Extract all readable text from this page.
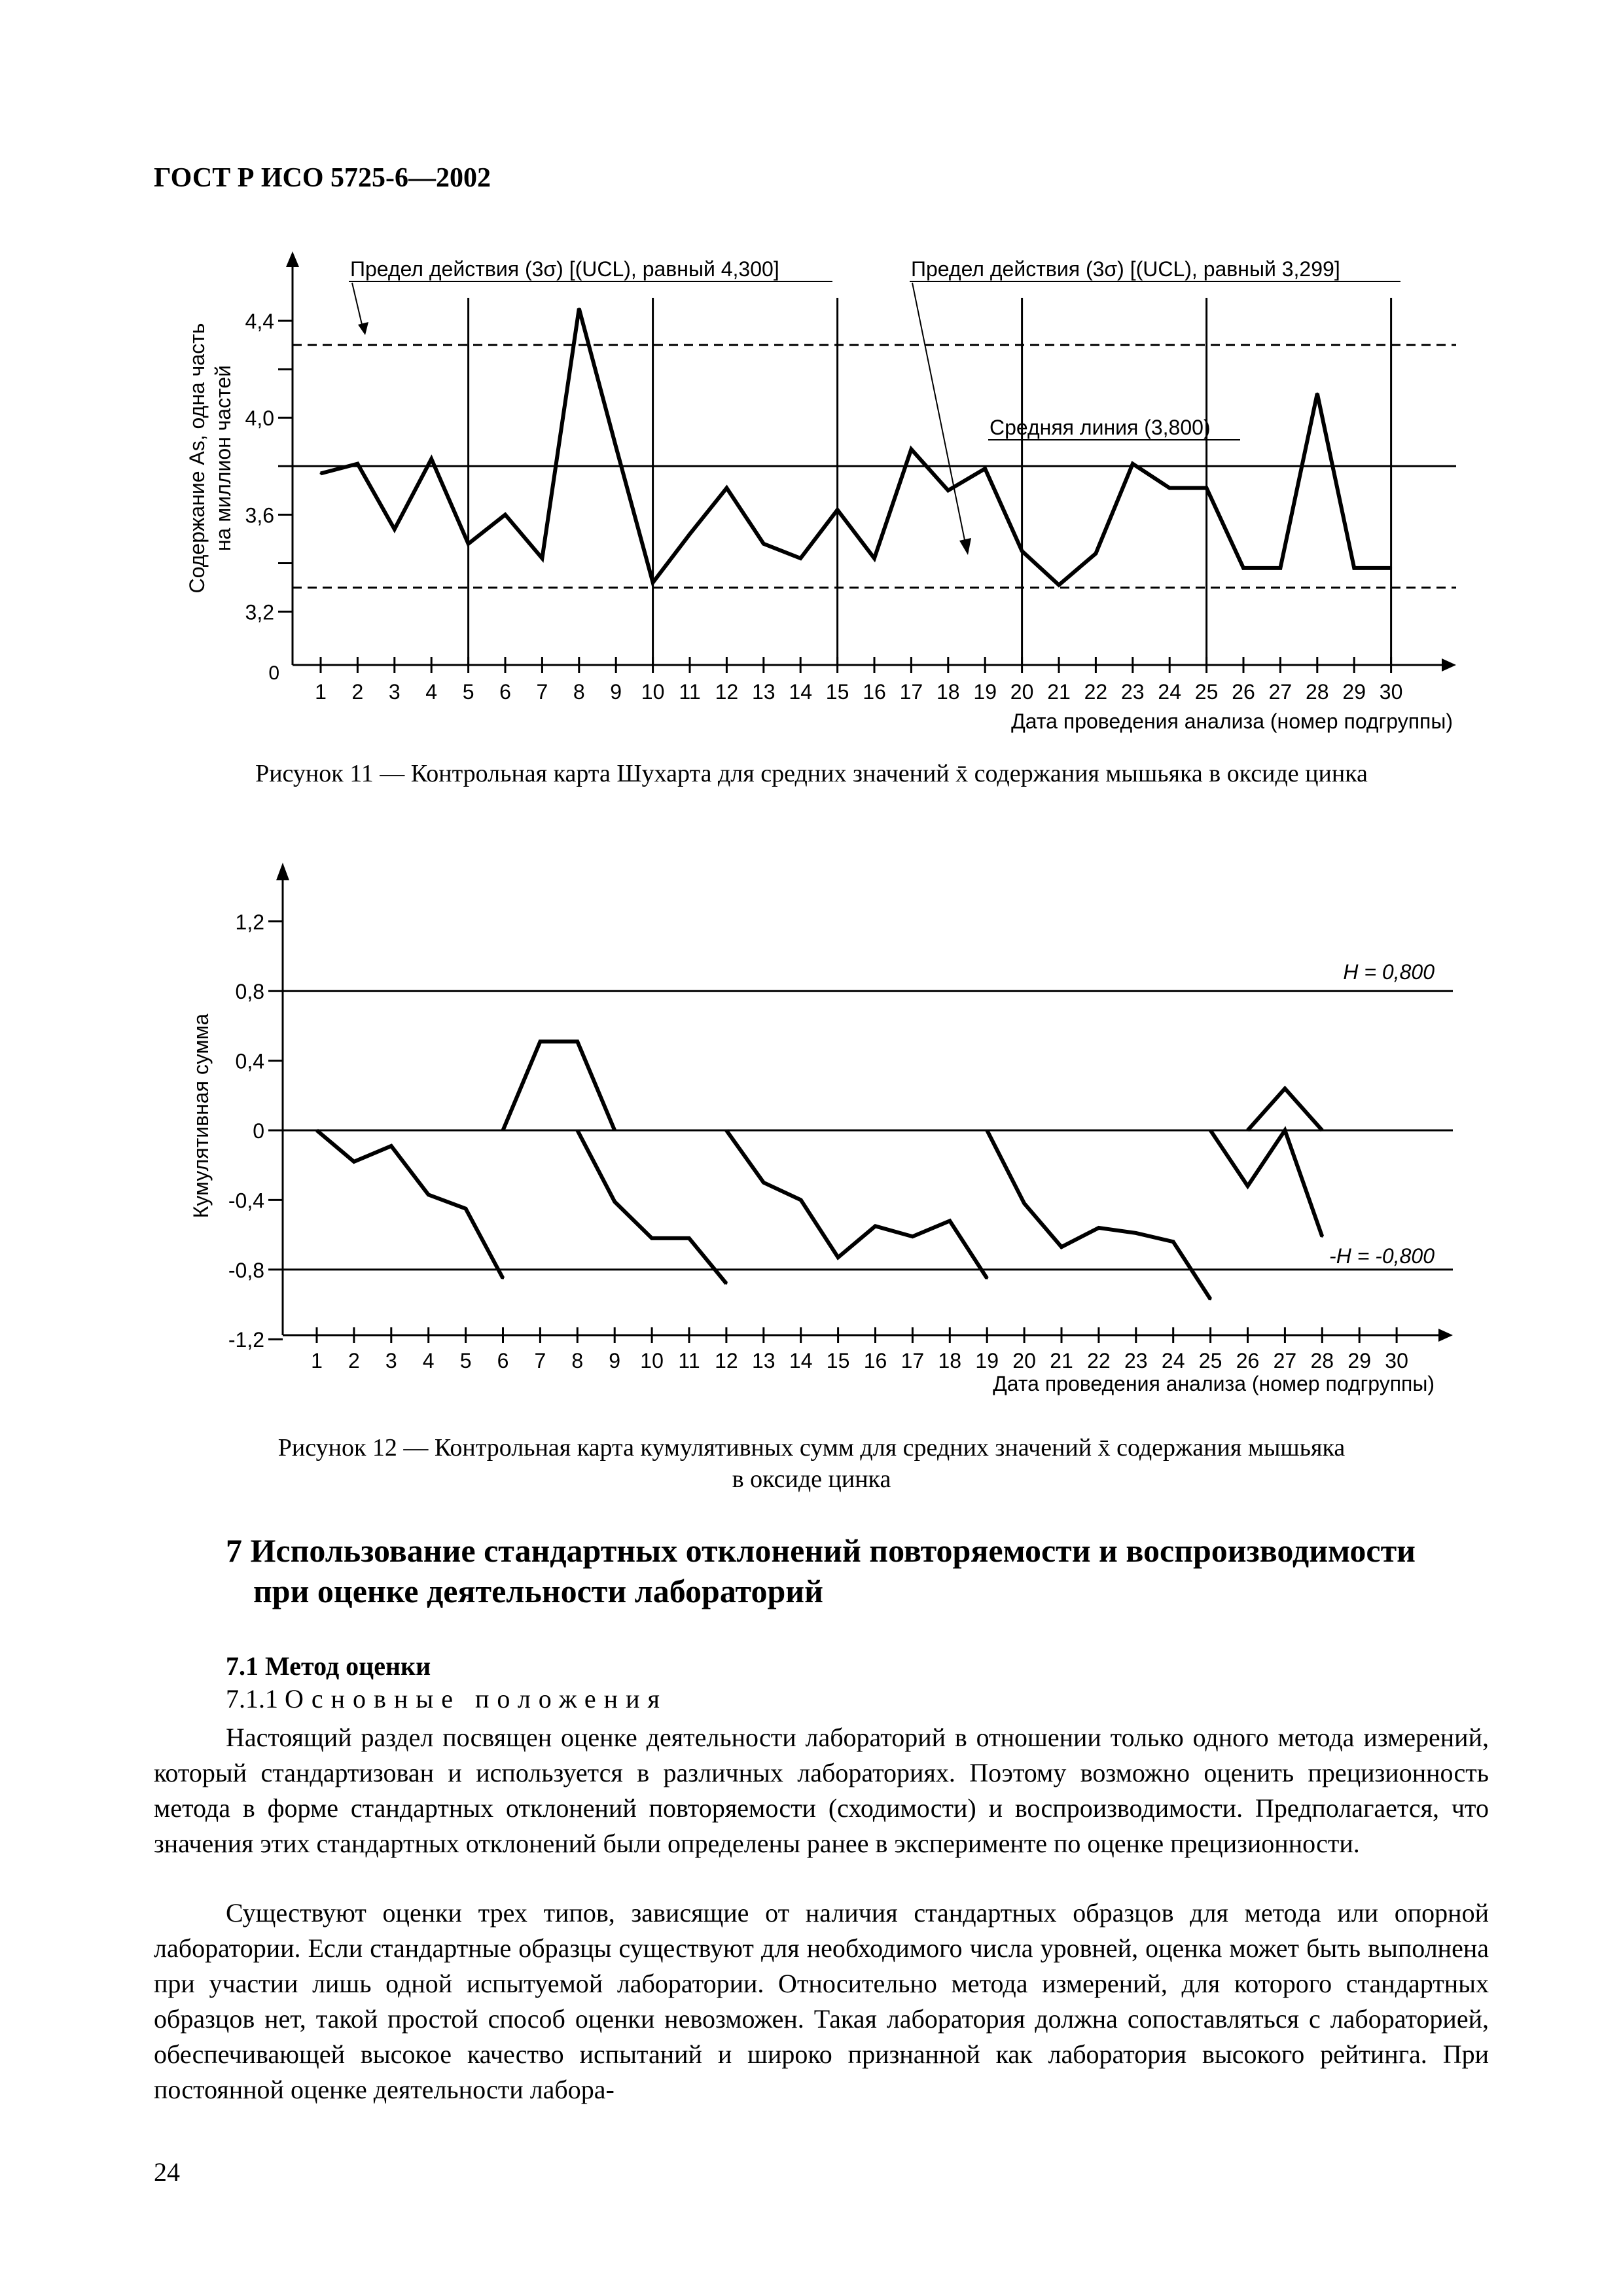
ГОСТ Р ИСО 5725-6—2002
3,2
3,6
4,0
4,4
0
1 2 3 4 5 6 7 8 9 10 11 12 13 14 15 16 17 18 19 20 21 22 23 24 25 26 27 28 29 30
Дата проведения анализа (номер подгруппы)
Содержание As, одна часть на миллион частей
Предел действия (3σ) [(UCL), равный 4,300]	Предел действия (3σ) [(UCL), равный 3,299]
Средняя линия (3,800)
Рисунок 11 — Контрольная карта Шухарта для средних значений x̄ содержания мышьяка в оксиде цинка
-1,2
-0,8
-0,4
0
0,4
0,8
1,2
1 2 3 4 5 6 7 8 9 10 11 12 13 14 15 16 17 18 19 20 21 22 23 24 25 26 27 28 29 30
H = 0,800
-H = -0,800
Дата проведения анализа (номер подгруппы)
Кумулятивная сумма
Рисунок 12 — Контрольная карта кумулятивных сумм для средних значений x̄ содержания мышьяка
в оксиде цинка
7 Использование стандартных отклонений повторяемости и воспроизводимости
при оценке деятельности лабораторий
7.1 Метод оценки
7.1.1 Основные положения

Настоящий раздел посвящен оценке деятельности лабораторий в отношении только одного метода измерений, который стандартизован и используется в различных лабораториях. Поэтому возможно оценить прецизионность метода в форме стандартных отклонений повторяемости (сходимости) и воспроизводимости. Предполагается, что значения этих стандартных отклонений были определены ранее в эксперименте по оценке прецизионности.

Существуют оценки трех типов, зависящие от наличия стандартных образцов для метода или опорной лаборатории. Если стандартные образцы существуют для необходимого числа уровней, оценка может быть выполнена при участии лишь одной испытуемой лаборатории. Относительно метода измерений, для которого стандартных образцов нет, такой простой способ оценки невозможен. Такая лаборатория должна сопоставляться с лабораторией, обеспечивающей высокое качество испытаний и широко признанной как лаборатория высокого рейтинга. При постоянной оценке деятельности лабора-

24
